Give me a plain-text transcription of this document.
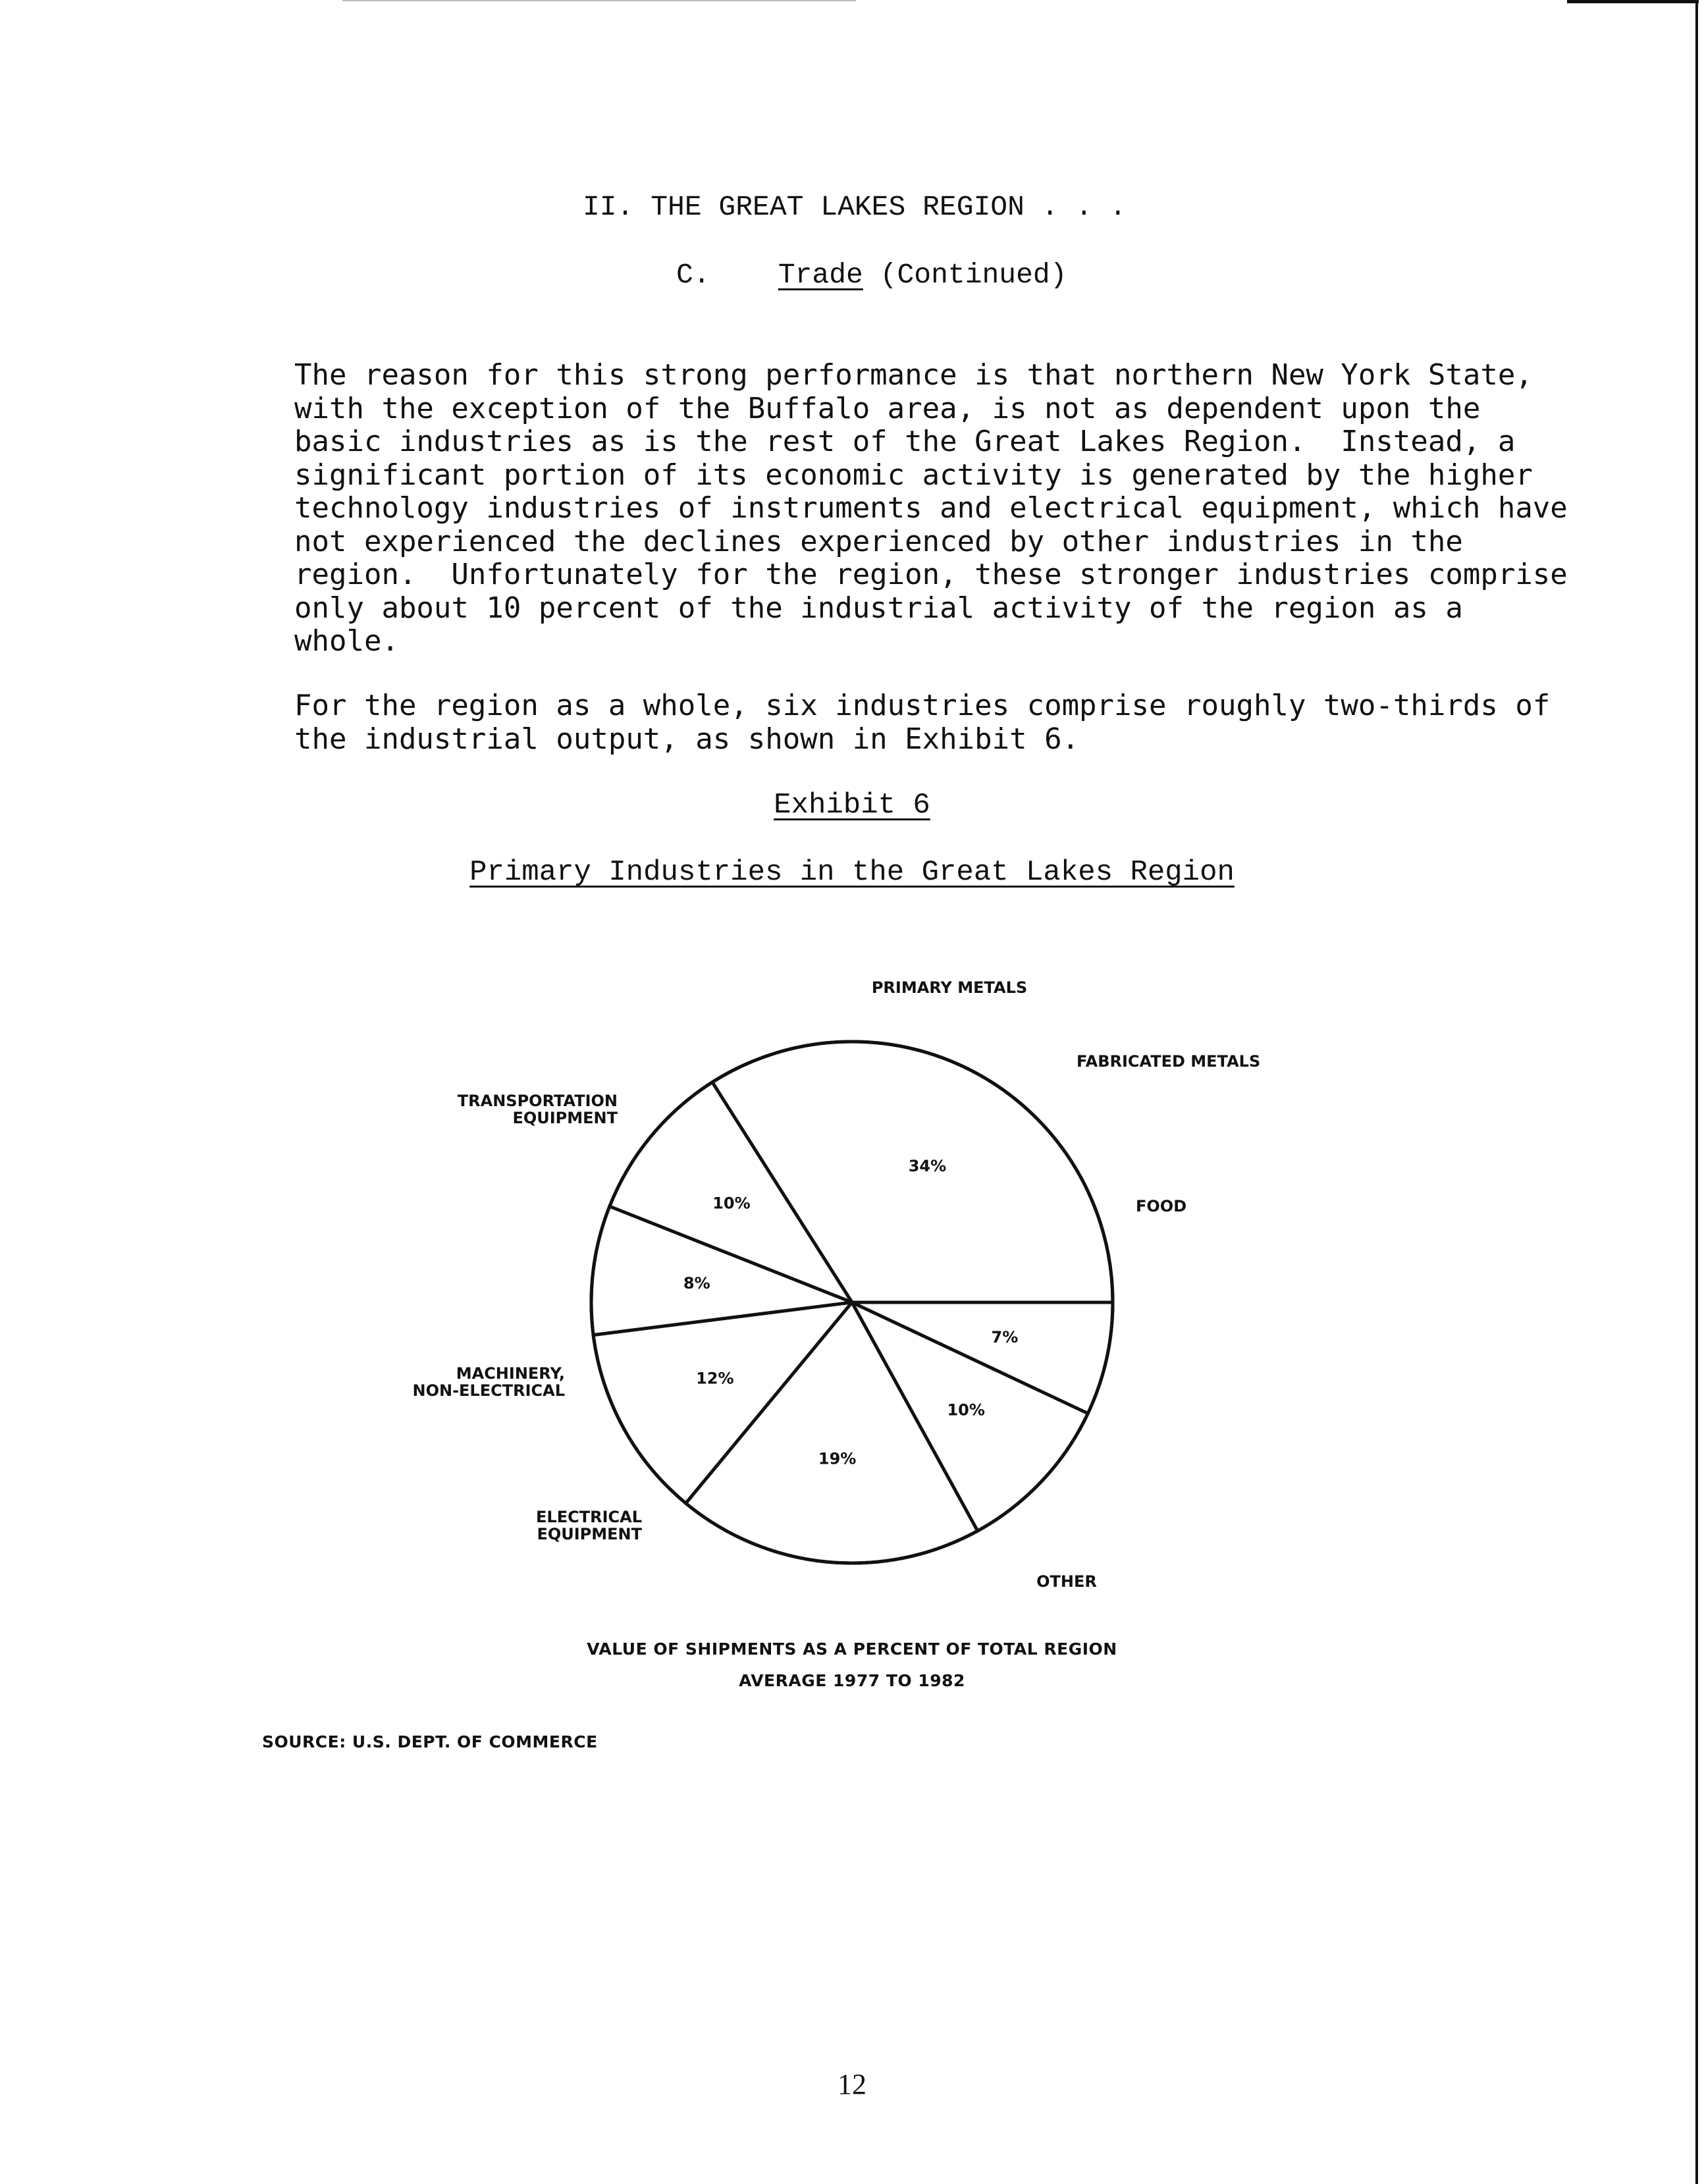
II. THE GREAT LAKES REGION . . .
C. Trade (Continued)
The reason for this strong performance is that northern New York State,
with the exception of the Buffalo area, is not as dependent upon the
basic industries as is the rest of the Great Lakes Region.  Instead, a
significant portion of its economic activity is generated by the higher
technology industries of instruments and electrical equipment, which have
not experienced the declines experienced by other industries in the
region.  Unfortunately for the region, these stronger industries comprise
only about 10 percent of the industrial activity of the region as a
whole.
For the region as a whole, six industries comprise roughly two-thirds of
the industrial output, as shown in Exhibit 6.
Exhibit 6
Primary Industries in the Great Lakes Region
34%
OTHER
10%	FOOD
8%
FABRICATED METALS
12%
PRIMARY METALS
19%
TRANSPORTATION EQUIPMENT
10%
MACHINERY, NON-ELECTRICAL
7%
ELECTRICAL EQUIPMENT
VALUE OF SHIPMENTS AS A PERCENT OF TOTAL REGION
AVERAGE 1977 TO 1982
SOURCE: U.S. DEPT. OF COMMERCE
12
